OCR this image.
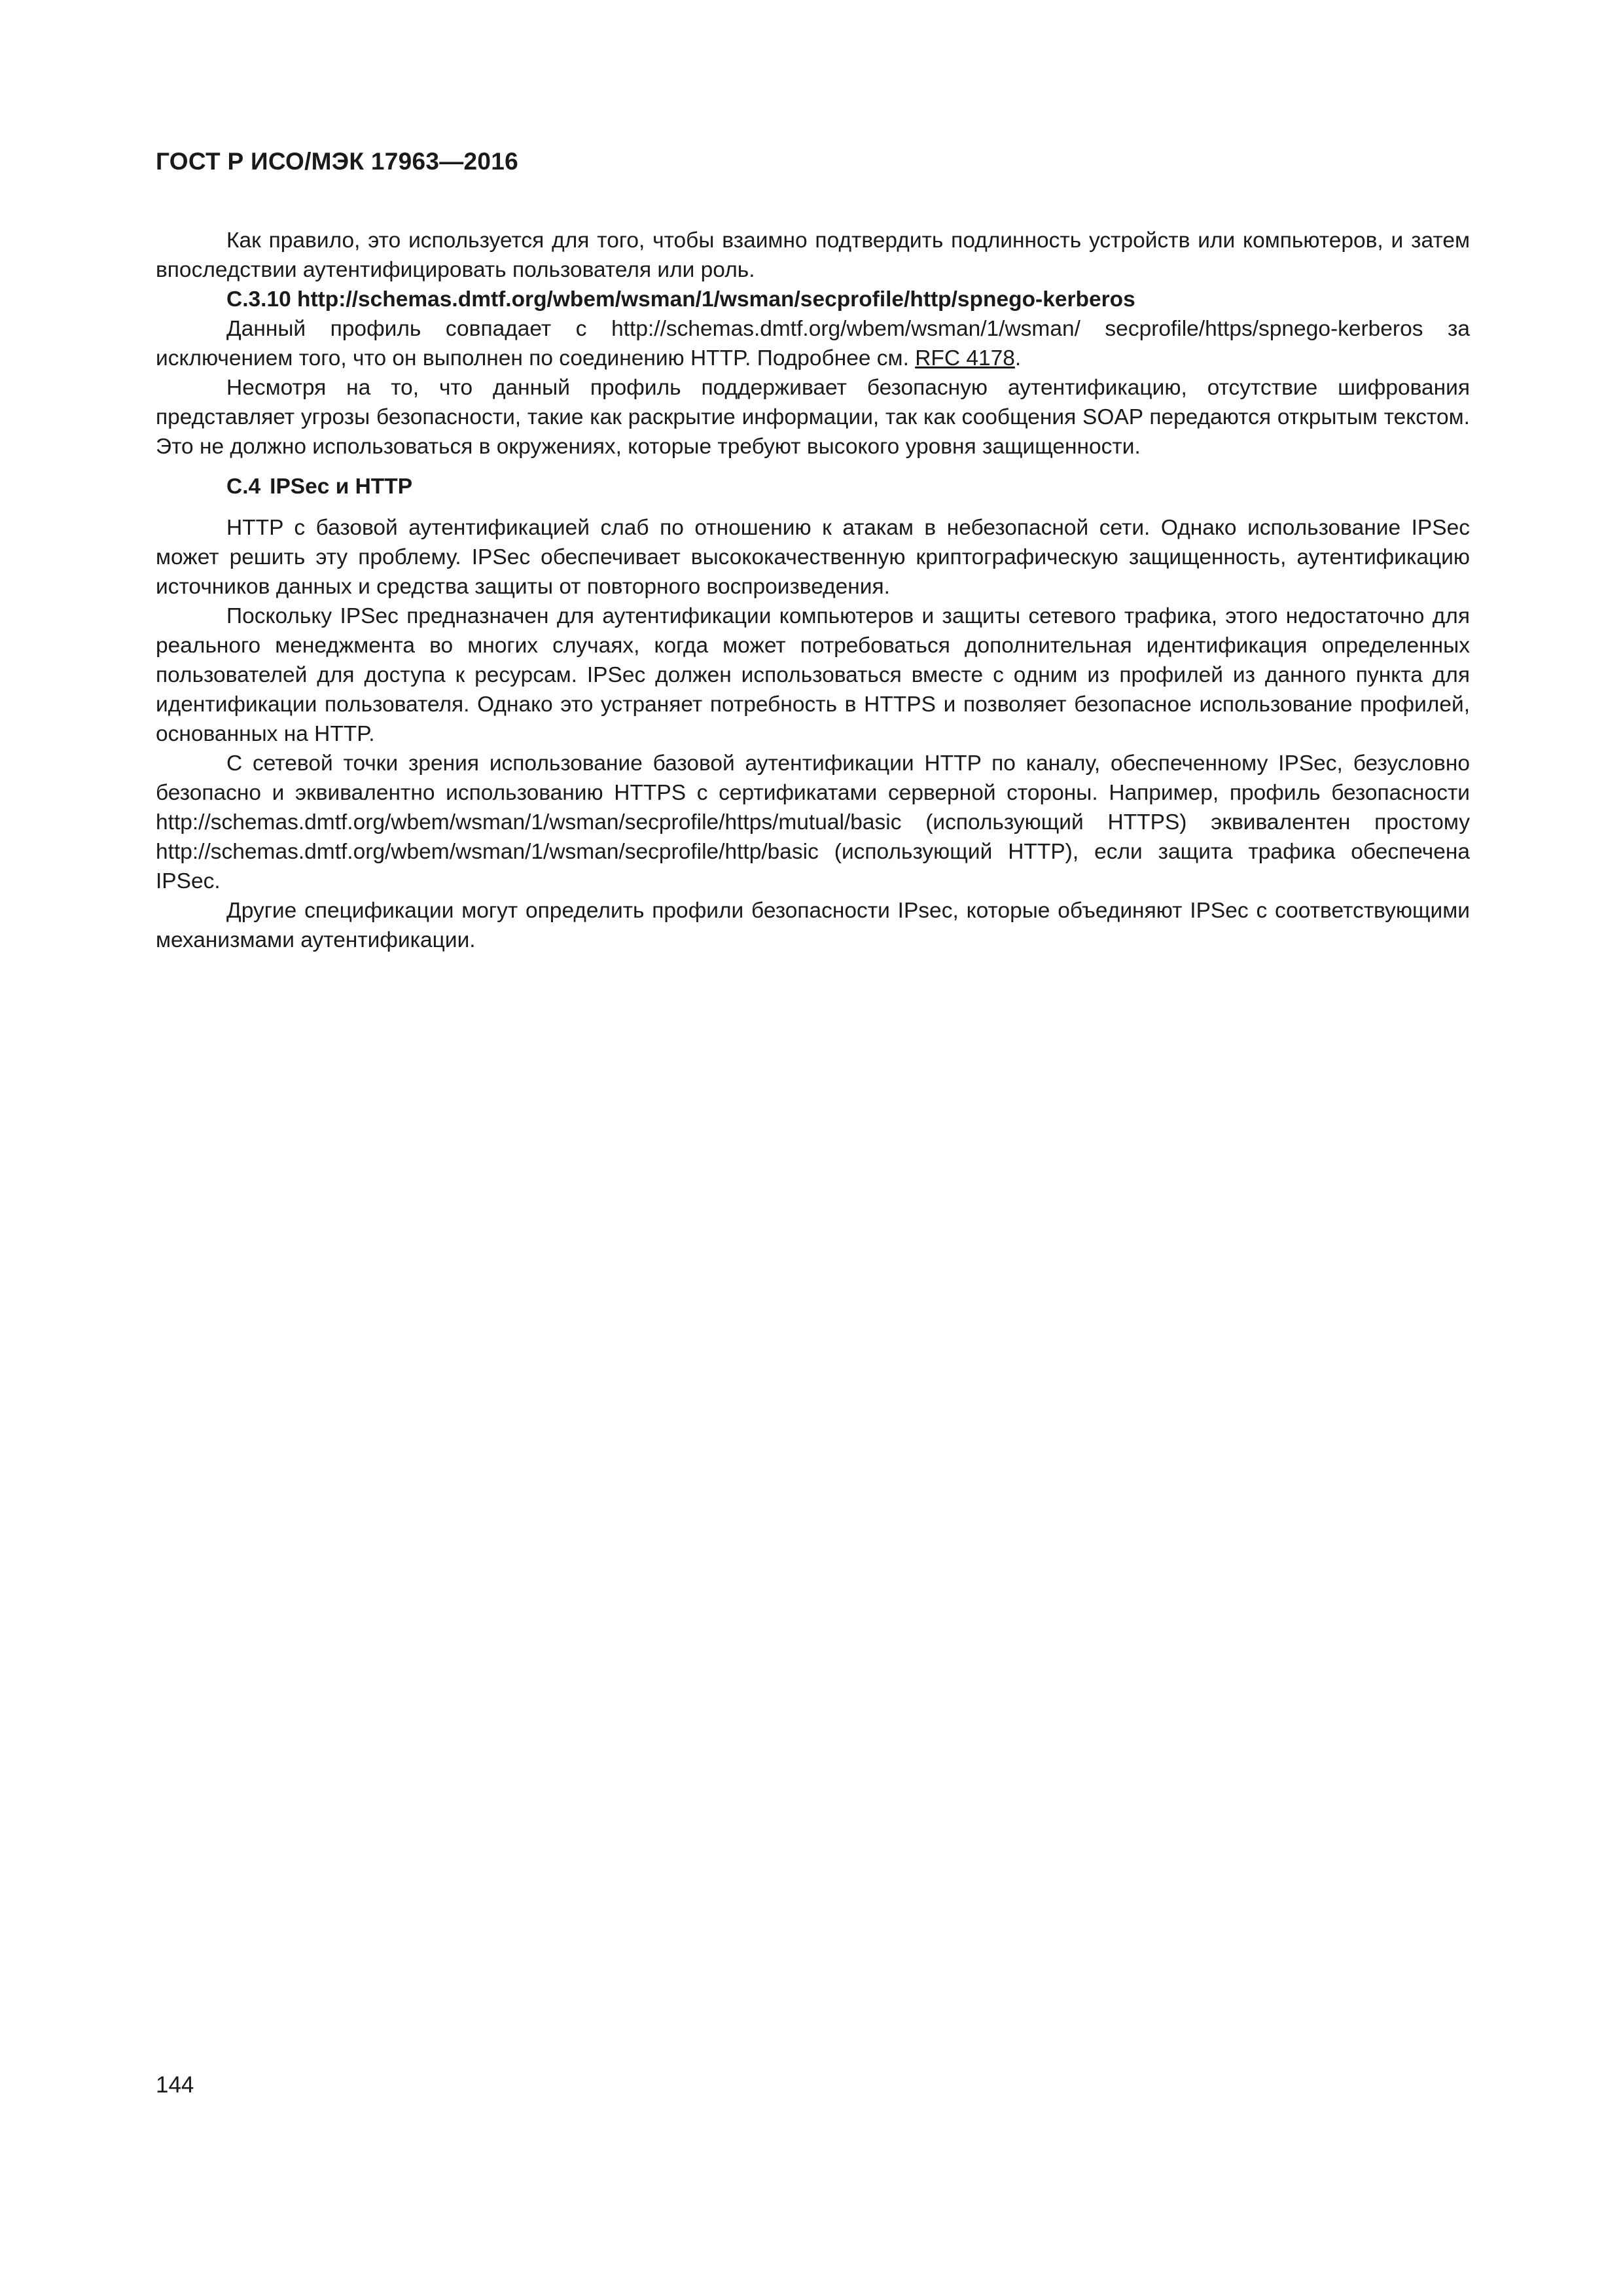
ГОСТ Р ИСО/МЭК 17963—2016

Как правило, это используется для того, чтобы взаимно подтвердить подлинность устройств или компьютеров, и затем впоследствии аутентифицировать пользователя или роль.

С.3.10 http://schemas.dmtf.org/wbem/wsman/1/wsman/secprofile/http/spnego-kerberos

Данный профиль совпадает с http://schemas.dmtf.org/wbem/wsman/1/wsman/ secprofile/https/spnego-kerberos за исключением того, что он выполнен по соединению HTTP. Подробнее см. RFC 4178.

Несмотря на то, что данный профиль поддерживает безопасную аутентификацию, отсутствие шифрования представляет угрозы безопасности, такие как раскрытие информации, так как сообщения SOAP передаются открытым текстом. Это не должно использоваться в окружениях, которые требуют высокого уровня защищенности.

С.4 IPSec и HTTP

HTTP с базовой аутентификацией слаб по отношению к атакам в небезопасной сети. Однако использование IPSec может решить эту проблему. IPSec обеспечивает высококачественную криптографическую защищенность, аутентификацию источников данных и средства защиты от повторного воспроизведения.

Поскольку IPSec предназначен для аутентификации компьютеров и защиты сетевого трафика, этого недостаточно для реального менеджмента во многих случаях, когда может потребоваться дополнительная идентификация определенных пользователей для доступа к ресурсам. IPSec должен использоваться вместе с одним из профилей из данного пункта для идентификации пользователя. Однако это устраняет потребность в HTTPS и позволяет безопасное использование профилей, основанных на HTTP.

С сетевой точки зрения использование базовой аутентификации HTTP по каналу, обеспеченному IPSec, безусловно безопасно и эквивалентно использованию HTTPS с сертификатами серверной стороны. Например, профиль безопасности http://schemas.dmtf.org/wbem/wsman/1/wsman/secprofile/https/mutual/basic (использующий HTTPS) эквивалентен простому http://schemas.dmtf.org/wbem/wsman/1/wsman/secprofile/http/basic (использующий HTTP), если защита трафика обеспечена IPSec.

Другие спецификации могут определить профили безопасности IPsec, которые объединяют IPSec с соответствующими механизмами аутентификации.

144
